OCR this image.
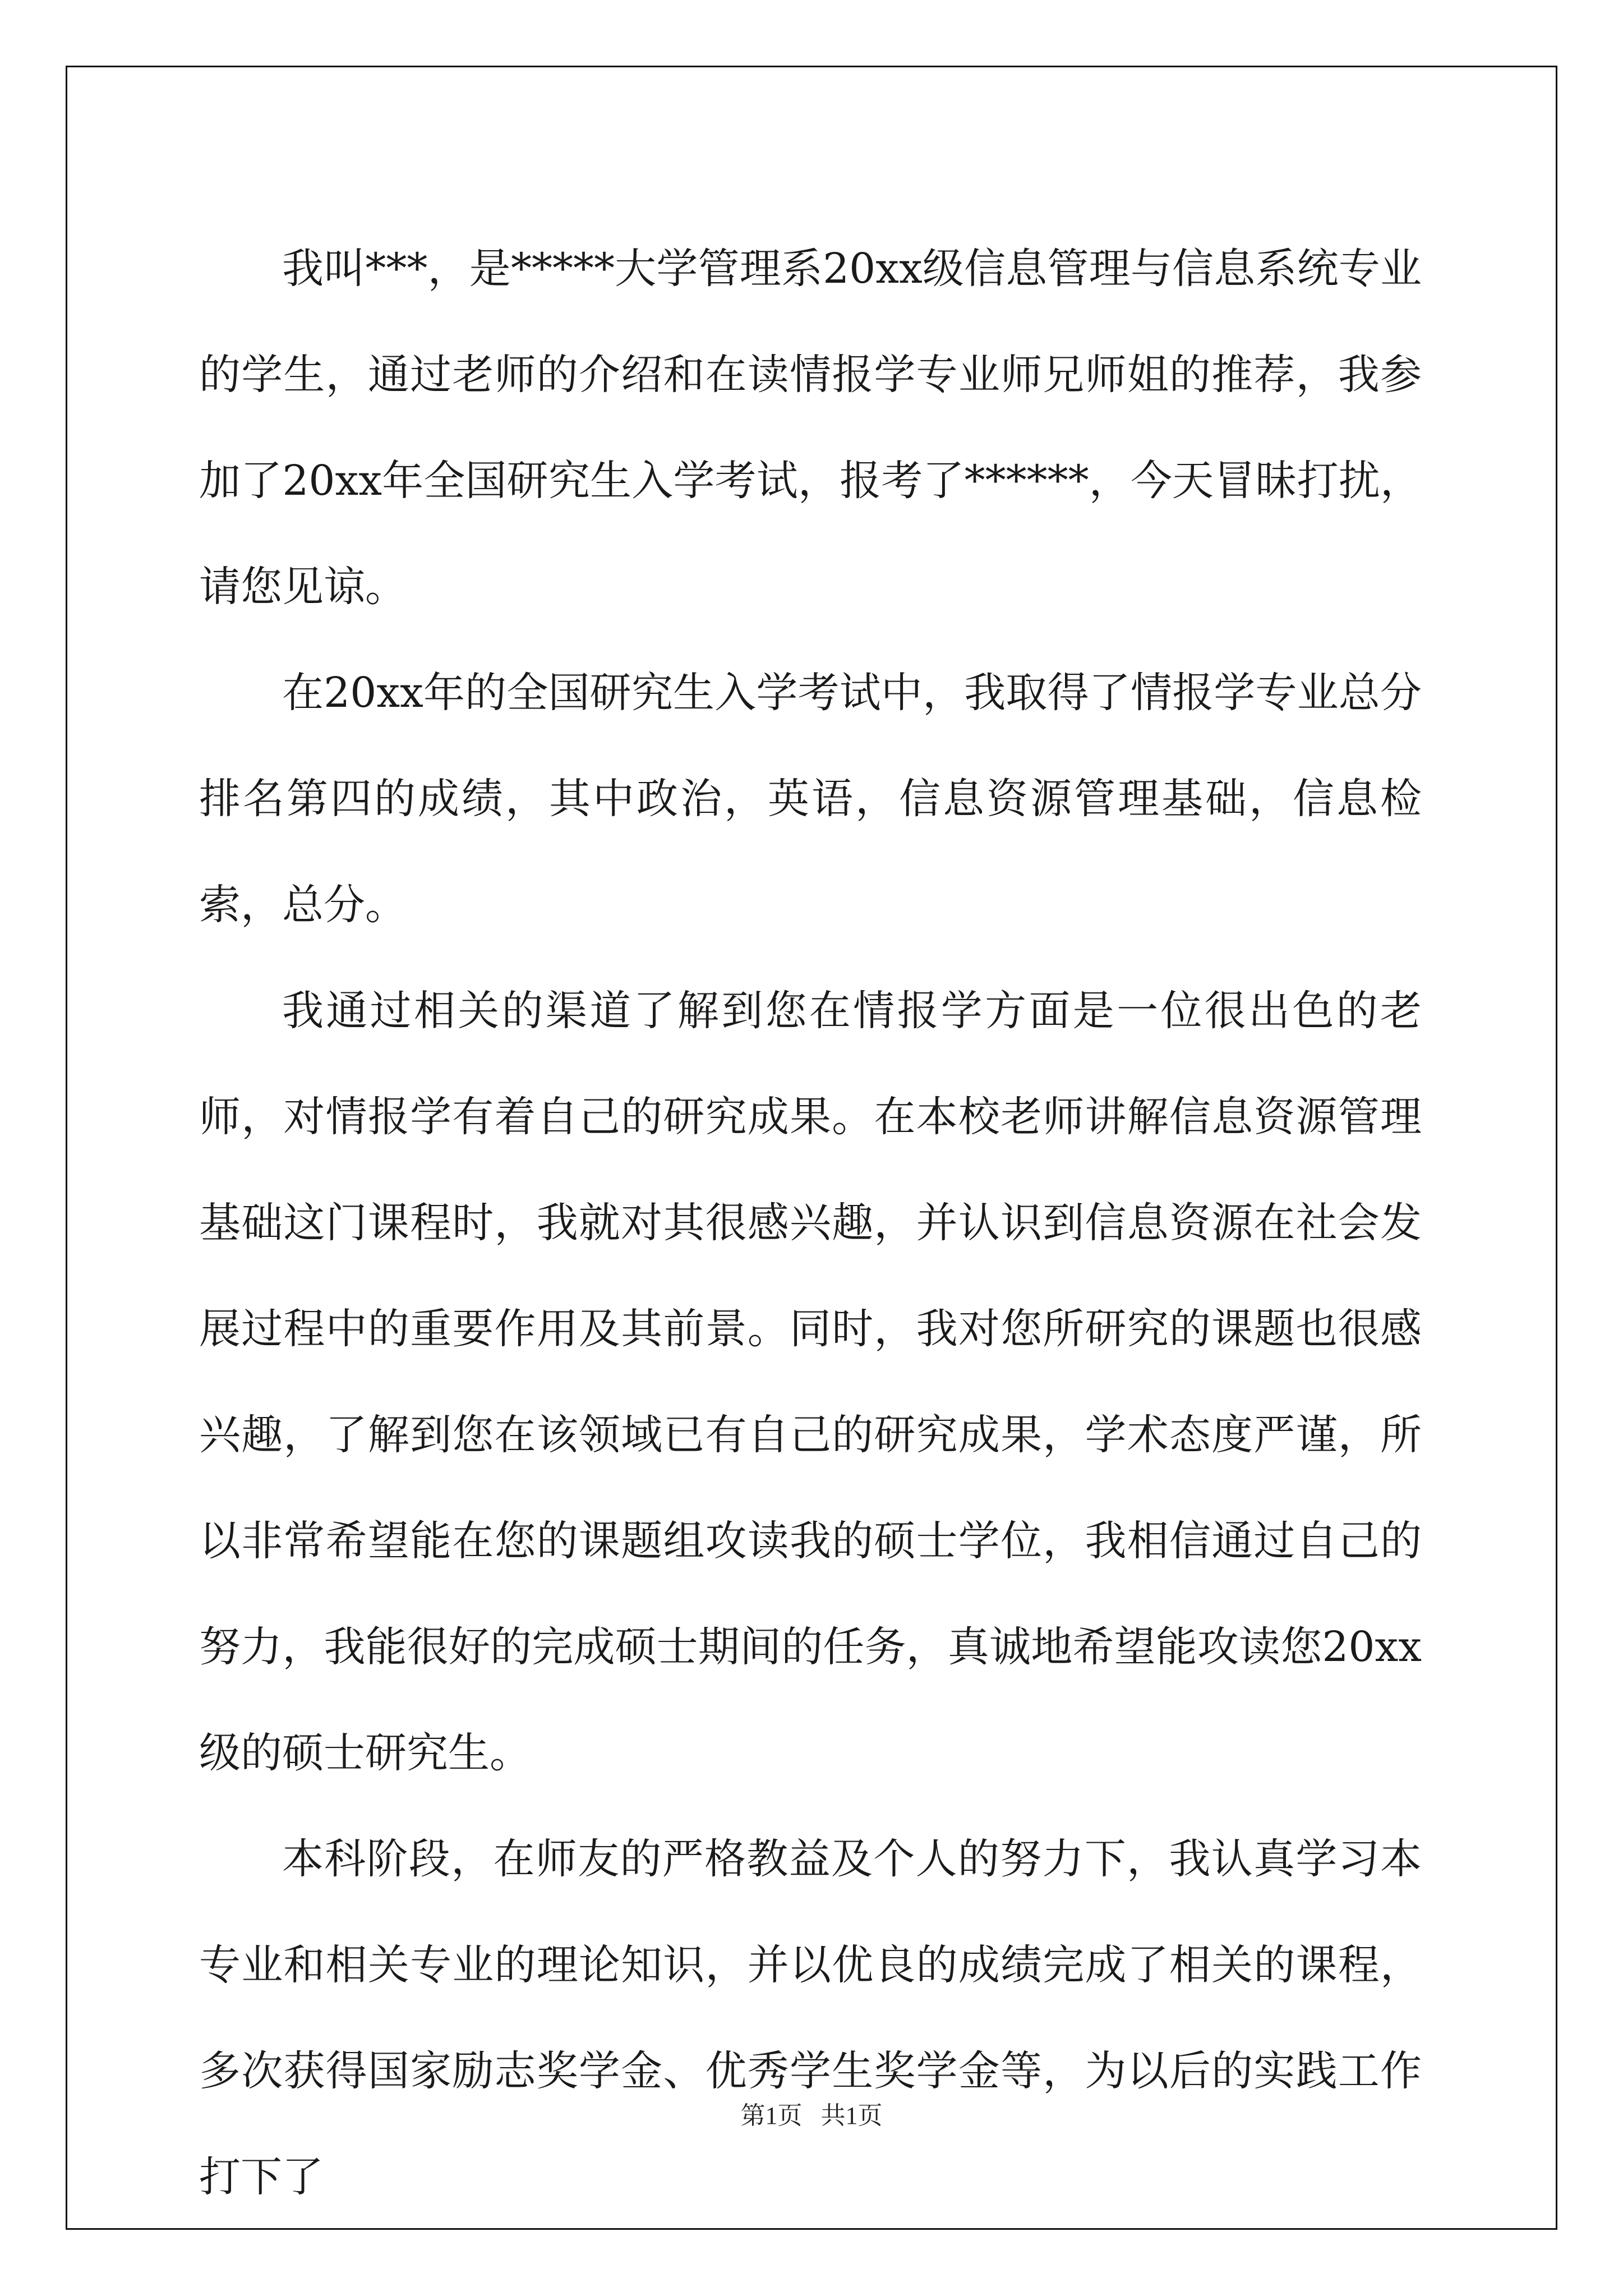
我叫***，是*****大学管理系20xx级信息管理与信息系统专业的学生，通过老师的介绍和在读情报学专业师兄师姐的推荐，我参加了20xx年全国研究生入学考试，报考了******，今天冒昧打扰，请您见谅。

在20xx年的全国研究生入学考试中，我取得了情报学专业总分排名第四的成绩，其中政治，英语，信息资源管理基础，信息检索，总分。

我通过相关的渠道了解到您在情报学方面是一位很出色的老师，对情报学有着自己的研究成果。在本校老师讲解信息资源管理基础这门课程时，我就对其很感兴趣，并认识到信息资源在社会发展过程中的重要作用及其前景。同时，我对您所研究的课题也很感兴趣，了解到您在该领域已有自己的研究成果，学术态度严谨，所以非常希望能在您的课题组攻读我的硕士学位，我相信通过自己的努力，我能很好的完成硕士期间的任务，真诚地希望能攻读您20xx级的硕士研究生。

本科阶段，在师友的严格教益及个人的努力下，我认真学习本专业和相关专业的理论知识，并以优良的成绩完成了相关的课程，多次获得国家励志奖学金、优秀学生奖学金等，为以后的实践工作打下了

第1页 共1页
